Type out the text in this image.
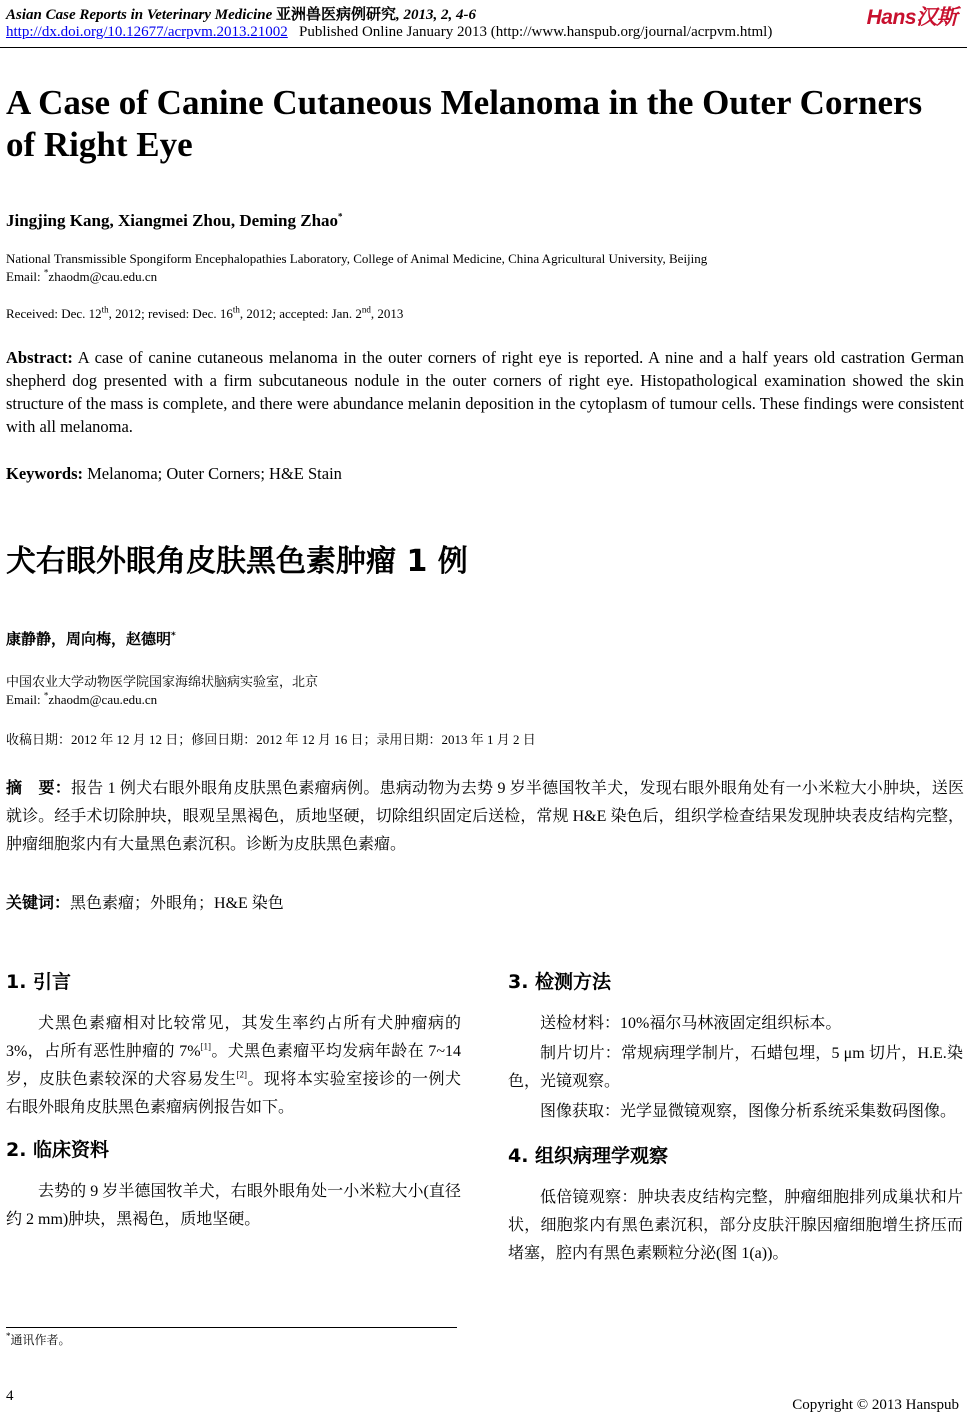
Asian Case Reports in Veterinary Medicine 亚洲兽医病例研究, 2013, 2, 4-6	Hans汉斯
http://dx.doi.org/10.12677/acrpvm.2013.21002 Published Online January 2013 (http://www.hanspub.org/journal/acrpvm.html)
A Case of Canine Cutaneous Melanoma in the Outer Corners
of Right Eye
Jingjing Kang, Xiangmei Zhou, Deming Zhao*
National Transmissible Spongiform Encephalopathies Laboratory, College of Animal Medicine, China Agricultural University, Beijing
Email: *zhaodm@cau.edu.cn
Received: Dec. 12th, 2012; revised: Dec. 16th, 2012; accepted: Jan. 2nd, 2013
Abstract: A case of canine cutaneous melanoma in the outer corners of right eye is reported. A nine and a half years old castration German shepherd dog presented with a firm subcutaneous nodule in the outer corners of right eye. Histopathological examination showed the skin structure of the mass is complete, and there were abundance melanin deposition in the cytoplasm of tumour cells. These findings were consistent with all melanoma.
Keywords: Melanoma; Outer Corners; H&E Stain
犬右眼外眼角皮肤黑色素肿瘤 1 例
康静静，周向梅，赵德明*
中国农业大学动物医学院国家海绵状脑病实验室，北京
Email: *zhaodm@cau.edu.cn
收稿日期：2012 年 12 月 12 日；修回日期：2012 年 12 月 16 日；录用日期：2013 年 1 月 2 日
摘　要：报告 1 例犬右眼外眼角皮肤黑色素瘤病例。患病动物为去势 9 岁半德国牧羊犬，发现右眼外眼角处有一小米粒大小肿块，送医就诊。经手术切除肿块，眼观呈黑褐色，质地坚硬，切除组织固定后送检，常规 H&E 染色后，组织学检查结果发现肿块表皮结构完整，肿瘤细胞浆内有大量黑色素沉积。诊断为皮肤黑色素瘤。
关键词：黑色素瘤；外眼角；H&E 染色
1. 引言

犬黑色素瘤相对比较常见，其发生率约占所有犬肿瘤病的 3%，占所有恶性肿瘤的 7%[1]。犬黑色素瘤平均发病年龄在 7~14 岁，皮肤色素较深的犬容易发生[2]。现将本实验室接诊的一例犬右眼外眼角皮肤黑色素瘤病例报告如下。

2. 临床资料

去势的 9 岁半德国牧羊犬，右眼外眼角处一小米粒大小(直径约 2 mm)肿块，黑褐色，质地坚硬。

3. 检测方法

送检材料：10%福尔马林液固定组织标本。

制片切片：常规病理学制片，石蜡包埋，5 μm 切片，H.E.染色，光镜观察。

图像获取：光学显微镜观察，图像分析系统采集数码图像。

4. 组织病理学观察

低倍镜观察：肿块表皮结构完整，肿瘤细胞排列成巢状和片状，细胞浆内有黑色素沉积，部分皮肤汗腺因瘤细胞增生挤压而堵塞，腔内有黑色素颗粒分泌(图 1(a))。

*通讯作者。
4
Copyright © 2013 Hanspub
